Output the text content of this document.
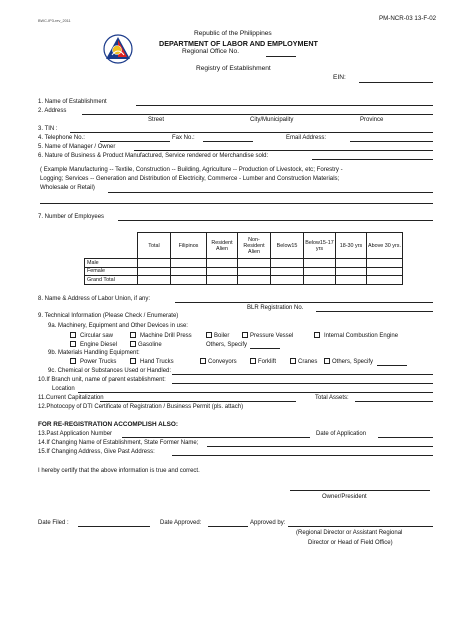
BWC-IP3-rev_2011	PM-NCR-03 13-F-02
Republic of the Philippines
DEPARTMENT OF LABOR AND EMPLOYMENT
Regional Office No.
Registry of Establishment
EIN:
1. Name of Establishment
2. Address
Street	City/Municipality	Province
3. TIN :
4. Telephone No.:	Fax No.:	Email Address:
5. Name of Manager / Owner
6. Nature of Business & Product Manufactured, Service rendered or Merchandise sold:
( Example Manufacturing -- Textile, Construction -- Building, Agriculture -- Production of Livestock, etc; Forestry -
Logging; Services -- Generation and Distribution of Electricity, Commerce - Lumber and Construction Materials;
Wholesale or Retail)
7. Number of Employees
	Total	Filipinos	Resident Alien	Non-Resident Alien	Below15	Below15-17 yrs	18-30 yrs	Above 30 yrs.
Male								
Female								
Grand Total								
8. Name & Address of Labor Union, if any:
BLR Registration No.
9. Technical Information (Please Check / Enumerate)
9a. Machinery, Equipment and Other Devices in use:
Circular saw	Machine Drill Press	Boiler	Pressure Vessel	Internal Combustion Engine
Engine Diesel	Gasoline	Others, Specify
9b. Materials Handling Equipment:
Power Trucks	Hand Trucks	Conveyors	Forklift	Cranes Others, Specify
9c. Chemical or Substances Used or Handled:
10.If Branch unit, name of parent establishment:
Location
11.Current Capitalization	Total Assets:
12.Photocopy of DTI Certificate of Registration / Business Permit (pls. attach)
FOR RE-REGISTRATION ACCOMPLISH ALSO:
13.Past Application Number	Date of Application
14.If Changing Name of Establishment, State Former Name;
15.If Changing Address, Give Past Address:
I hereby certify that the above information is true and correct.
Owner/President
Date Filed :	Date Approved:	Approved by:
(Regional Director or Assistant Regional
Director or Head of Field Office)
